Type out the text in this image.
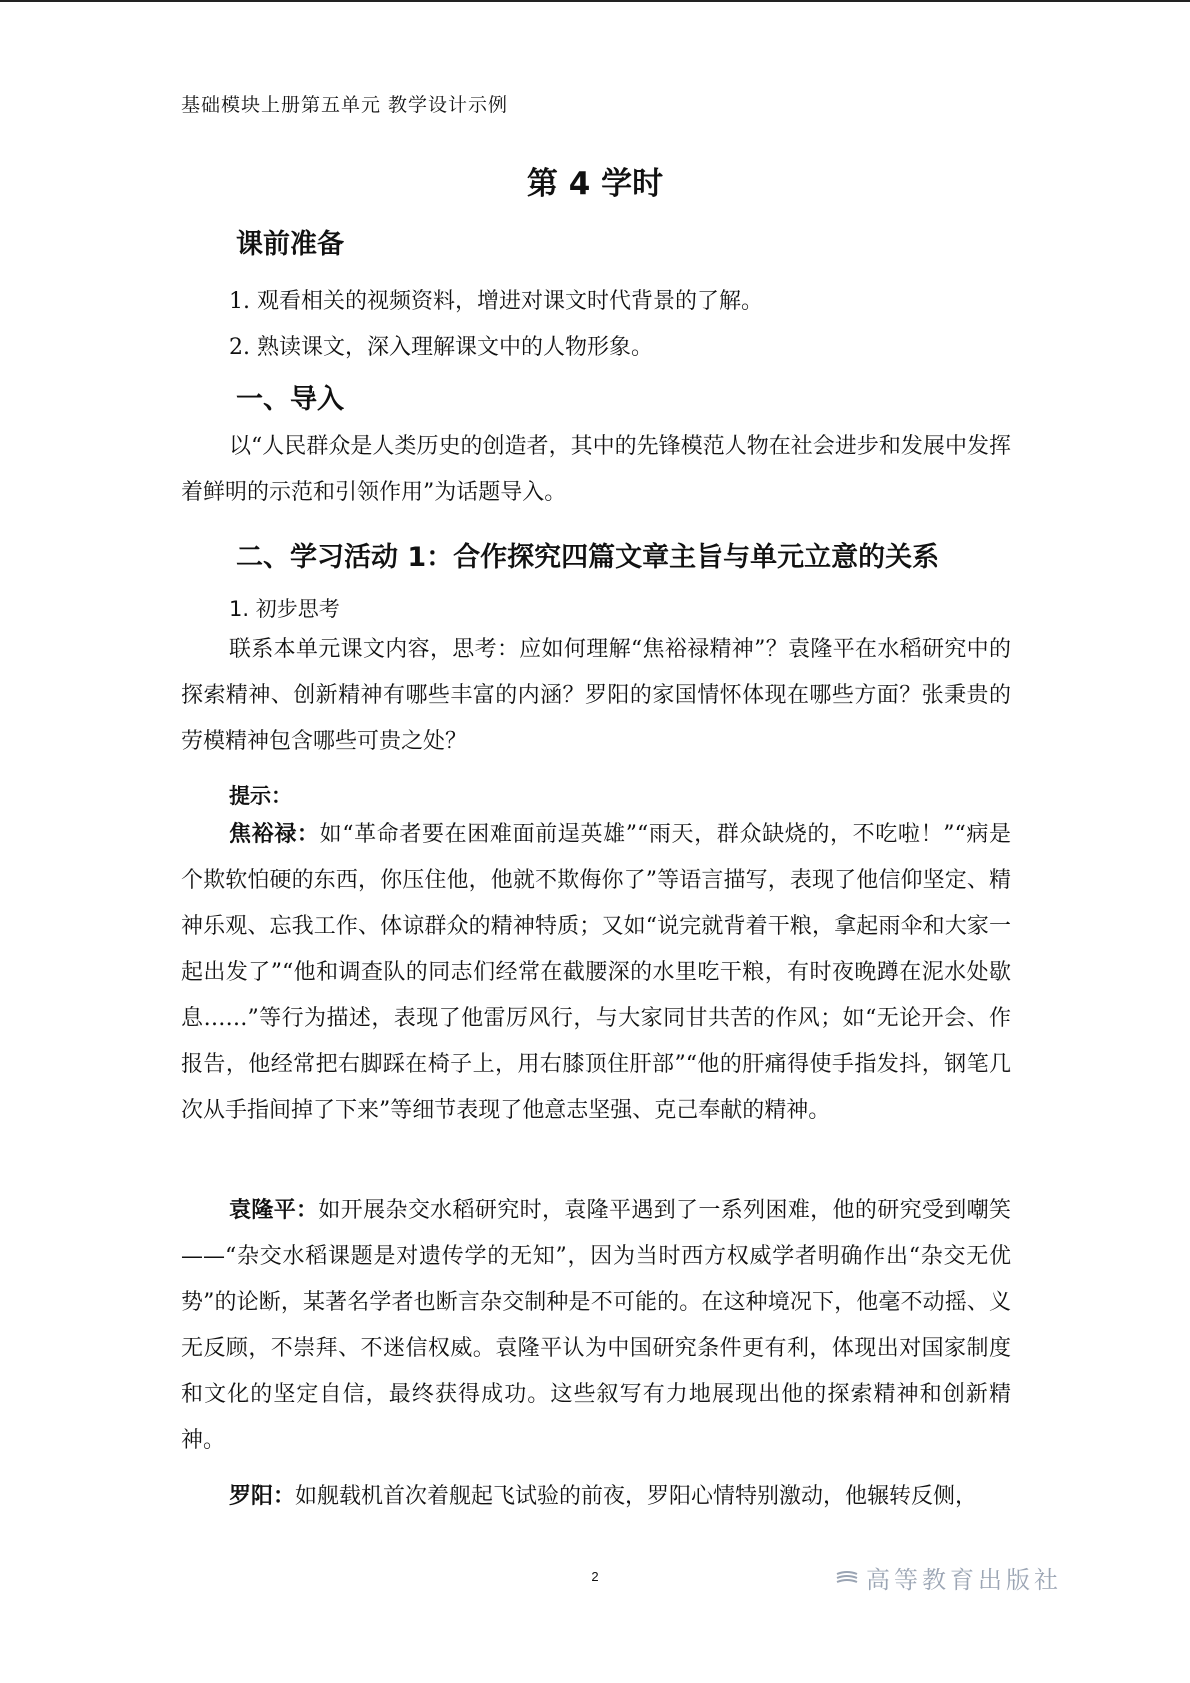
基础模块上册第五单元 教学设计示例
第 4 学时
课前准备
1. 观看相关的视频资料，增进对课文时代背景的了解。
2. 熟读课文，深入理解课文中的人物形象。
一、导入
以“人民群众是人类历史的创造者，其中的先锋模范人物在社会进步和发展中发挥着鲜明的示范和引领作用”为话题导入。
二、学习活动 1：合作探究四篇文章主旨与单元立意的关系
1. 初步思考
联系本单元课文内容，思考：应如何理解“焦裕禄精神”？袁隆平在水稻研究中的探索精神、创新精神有哪些丰富的内涵？罗阳的家国情怀体现在哪些方面？张秉贵的劳模精神包含哪些可贵之处？
提示：
焦裕禄：如“革命者要在困难面前逞英雄”“雨天，群众缺烧的，不吃啦！”“病是个欺软怕硬的东西，你压住他，他就不欺侮你了”等语言描写，表现了他信仰坚定、精神乐观、忘我工作、体谅群众的精神特质；又如“说完就背着干粮，拿起雨伞和大家一起出发了”“他和调查队的同志们经常在截腰深的水里吃干粮，有时夜晚蹲在泥水处歇息……”等行为描述，表现了他雷厉风行，与大家同甘共苦的作风；如“无论开会、作报告，他经常把右脚踩在椅子上，用右膝顶住肝部”“他的肝痛得使手指发抖，钢笔几次从手指间掉了下来”等细节表现了他意志坚强、克己奉献的精神。
袁隆平：如开展杂交水稻研究时，袁隆平遇到了一系列困难，他的研究受到嘲笑——“杂交水稻课题是对遗传学的无知”，因为当时西方权威学者明确作出“杂交无优势”的论断，某著名学者也断言杂交制种是不可能的。在这种境况下，他毫不动摇、义无反顾，不崇拜、不迷信权威。袁隆平认为中国研究条件更有利，体现出对国家制度和文化的坚定自信，最终获得成功。这些叙写有力地展现出他的探索精神和创新精神。
罗阳：如舰载机首次着舰起飞试验的前夜，罗阳心情特别激动，他辗转反侧，
2	高等教育出版社
